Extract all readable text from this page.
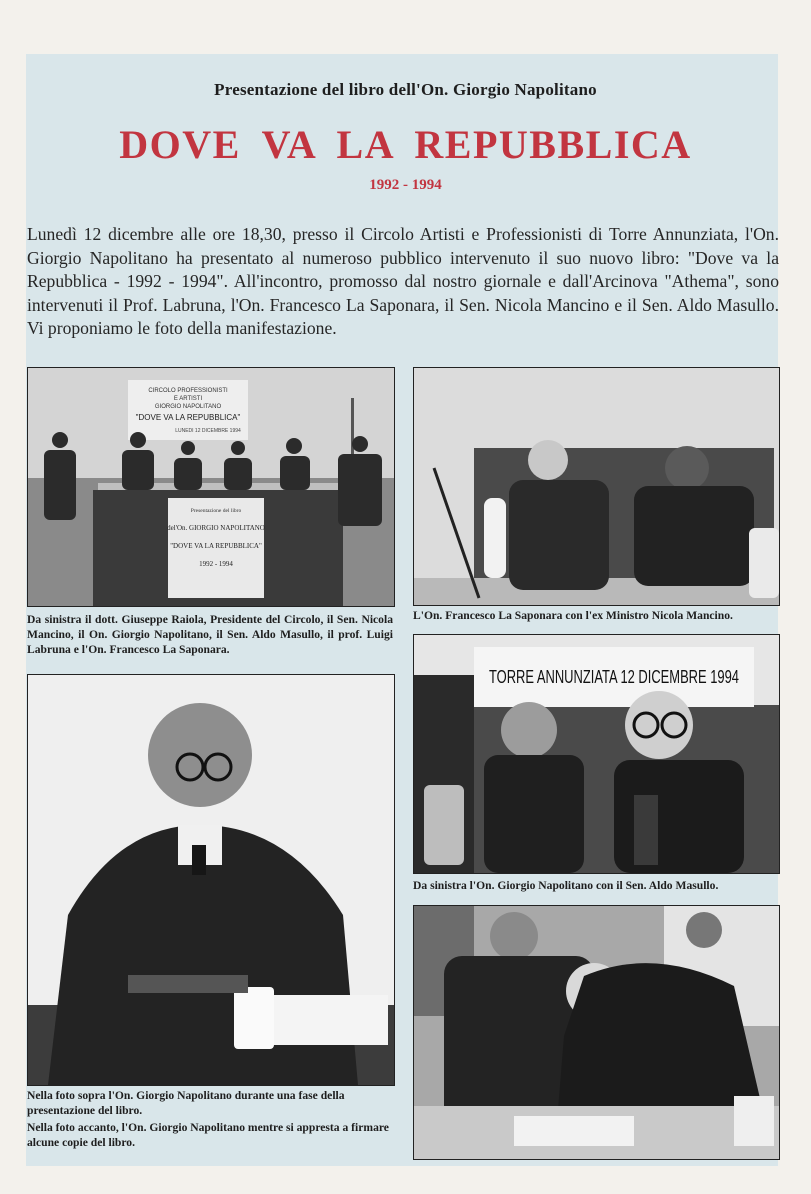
Presentazione del libro dell'On. Giorgio Napolitano
DOVE VA LA REPUBBLICA
1992 - 1994
Lunedì 12 dicembre alle ore 18,30, presso il Circolo Artisti e Professionisti di Torre Annunziata, l'On. Giorgio Napolitano ha presentato al numeroso pubblico intervenuto il suo nuovo libro: "Dove va la Repubblica - 1992 - 1994". All'incontro, promosso dal nostro giornale e dall'Arcinova "Athema", sono intervenuti il Prof. Labruna, l'On. Francesco La Saponara, il Sen. Nicola Mancino e il Sen. Aldo Masullo. Vi proponiamo le foto della manifestazione.
CIRCOLO PROFESSIONISTI
E ARTISTI
GIORGIO NAPOLITANO
"DOVE VA LA REPUBBLICA"
LUNEDI 12 DICEMBRE 1994
Presentazione del libro
del'On. GIORGIO NAPOLITANO
"DOVE VA LA REPUBBLICA"
1992 - 1994
Da sinistra il dott. Giuseppe Raiola, Presidente del Circolo, il Sen. Nicola Mancino, il On. Giorgio Napolitano, il Sen. Aldo Masullo, il prof. Luigi Labruna e l'On. Francesco La Saponara.
L'On. Francesco La Saponara con l'ex Ministro Nicola Mancino.
Nella foto sopra l'On. Giorgio Napolitano durante una fase della presentazione del libro.
Nella foto accanto, l'On. Giorgio Napolitano mentre si appresta a firmare alcune copie del libro.
TORRE ANNUNZIATA 12 DICEMBRE 1994
Da sinistra l'On. Giorgio Napolitano con il Sen. Aldo Masullo.
